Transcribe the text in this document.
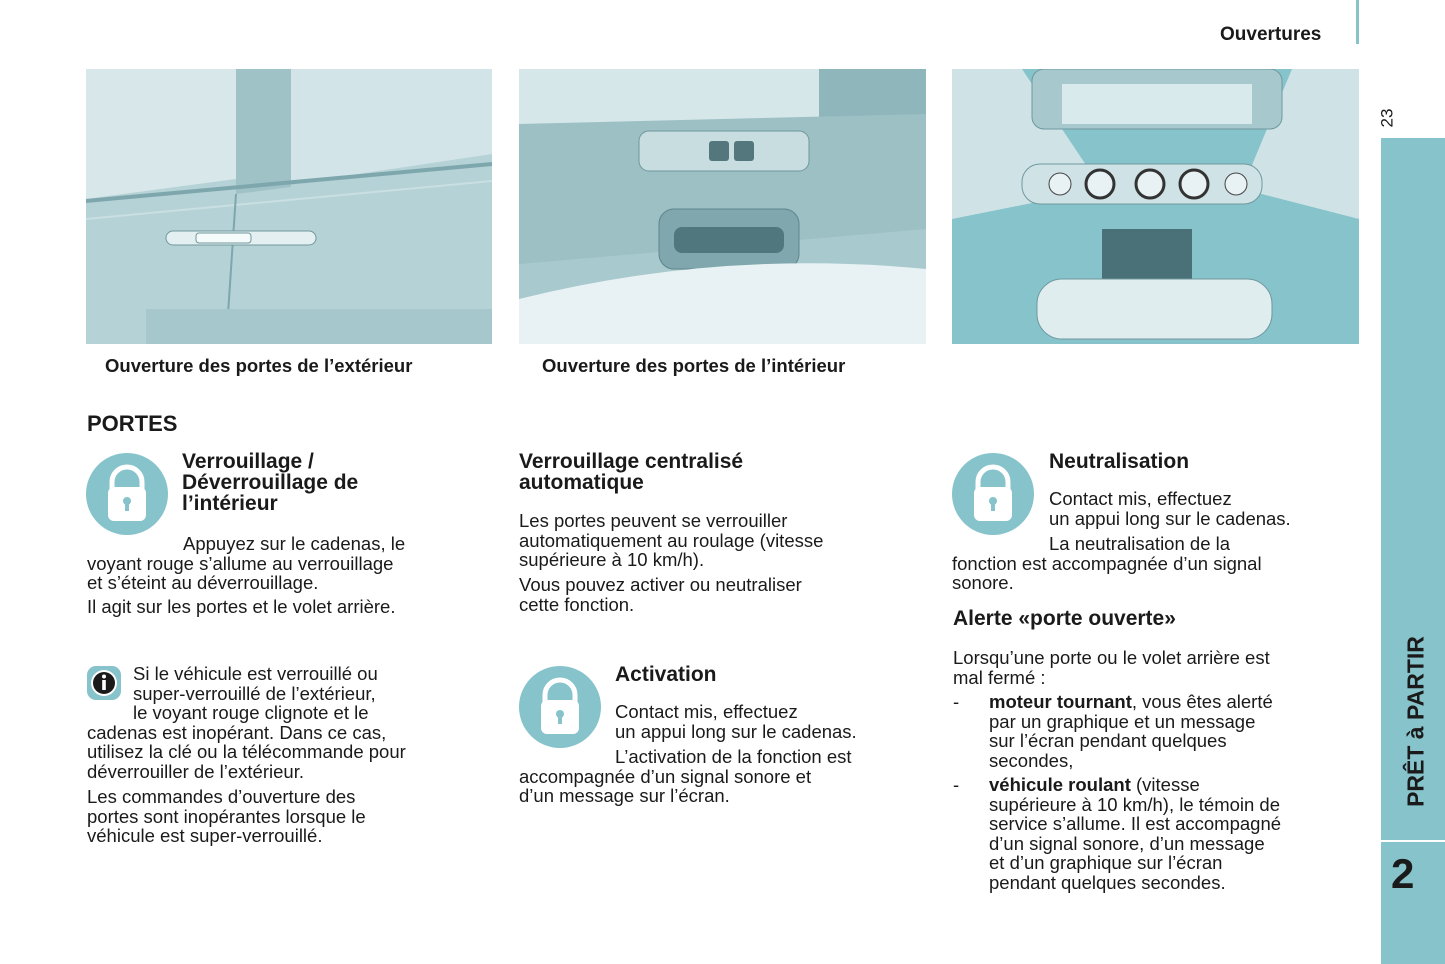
Ouvertures
23
PRÊT à PARTIR
2
Ouverture des portes de l’extérieur	Ouverture des portes de l’intérieur
PORTES
Verrouillage /
Déverrouillage de
l’intérieur
Appuyez sur le cadenas, le
voyant rouge s’allume au verrouillage
et s’éteint au déverrouillage.
Il agit sur les portes et le volet arrière.
Si le véhicule est verrouillé ou
super-verrouillé de l’extérieur,
le voyant rouge clignote et le
cadenas est inopérant. Dans ce cas,
utilisez la clé ou la télécommande pour
déverrouiller de l’extérieur.
Les commandes d’ouverture des
portes sont inopérantes lorsque le
véhicule est super-verrouillé.
Verrouillage centralisé
automatique
Les portes peuvent se verrouiller
automatiquement au roulage (vitesse
supérieure à 10 km/h).
Vous pouvez activer ou neutraliser
cette fonction.
Activation
Contact mis, effectuez
un appui long sur le cadenas.
L’activation de la fonction est
accompagnée d’un signal sonore et
d’un message sur l’écran.
Neutralisation
Contact mis, effectuez
un appui long sur le cadenas.
La neutralisation de la
fonction est accompagnée d’un signal
sonore.
Alerte «porte ouverte»
Lorsqu’une porte ou le volet arrière est
mal fermé :
- moteur tournant, vous êtes alerté
par un graphique et un message
sur l’écran pendant quelques
secondes,
- véhicule roulant (vitesse
supérieure à 10 km/h), le témoin de
service s’allume. Il est accompagné
d’un signal sonore, d’un message
et d’un graphique sur l’écran
pendant quelques secondes.
